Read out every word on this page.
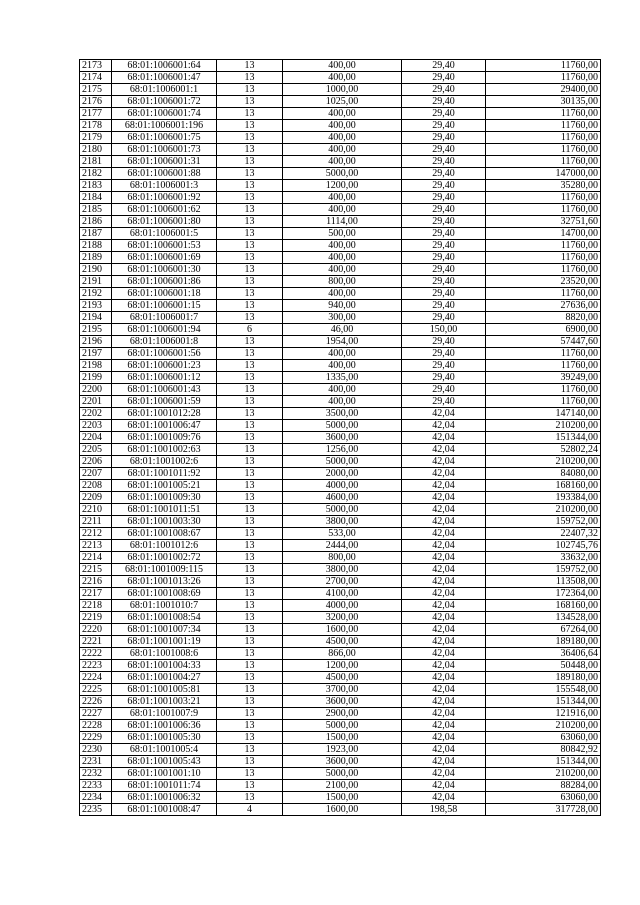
2173	68:01:1006001:64	13	400,00	29,40	11760,00
2174	68:01:1006001:47	13	400,00	29,40	11760,00
2175	68:01:1006001:1	13	1000,00	29,40	29400,00
2176	68:01:1006001:72	13	1025,00	29,40	30135,00
2177	68:01:1006001:74	13	400,00	29,40	11760,00
2178	68:01:1006001:196	13	400,00	29,40	11760,00
2179	68:01:1006001:75	13	400,00	29,40	11760,00
2180	68:01:1006001:73	13	400,00	29,40	11760,00
2181	68:01:1006001:31	13	400,00	29,40	11760,00
2182	68:01:1006001:88	13	5000,00	29,40	147000,00
2183	68:01:1006001:3	13	1200,00	29,40	35280,00
2184	68:01:1006001:92	13	400,00	29,40	11760,00
2185	68:01:1006001:62	13	400,00	29,40	11760,00
2186	68:01:1006001:80	13	1114,00	29,40	32751,60
2187	68:01:1006001:5	13	500,00	29,40	14700,00
2188	68:01:1006001:53	13	400,00	29,40	11760,00
2189	68:01:1006001:69	13	400,00	29,40	11760,00
2190	68:01:1006001:30	13	400,00	29,40	11760,00
2191	68:01:1006001:86	13	800,00	29,40	23520,00
2192	68:01:1006001:18	13	400,00	29,40	11760,00
2193	68:01:1006001:15	13	940,00	29,40	27636,00
2194	68:01:1006001:7	13	300,00	29,40	8820,00
2195	68:01:1006001:94	6	46,00	150,00	6900,00
2196	68:01:1006001:8	13	1954,00	29,40	57447,60
2197	68:01:1006001:56	13	400,00	29,40	11760,00
2198	68:01:1006001:23	13	400,00	29,40	11760,00
2199	68:01:1006001:12	13	1335,00	29,40	39249,00
2200	68:01:1006001:43	13	400,00	29,40	11760,00
2201	68:01:1006001:59	13	400,00	29,40	11760,00
2202	68:01:1001012:28	13	3500,00	42,04	147140,00
2203	68:01:1001006:47	13	5000,00	42,04	210200,00
2204	68:01:1001009:76	13	3600,00	42,04	151344,00
2205	68:01:1001002:63	13	1256,00	42,04	52802,24
2206	68:01:1001002:6	13	5000,00	42,04	210200,00
2207	68:01:1001011:92	13	2000,00	42,04	84080,00
2208	68:01:1001005:21	13	4000,00	42,04	168160,00
2209	68:01:1001009:30	13	4600,00	42,04	193384,00
2210	68:01:1001011:51	13	5000,00	42,04	210200,00
2211	68:01:1001003:30	13	3800,00	42,04	159752,00
2212	68:01:1001008:67	13	533,00	42,04	22407,32
2213	68:01:1001012:6	13	2444,00	42,04	102745,76
2214	68:01:1001002:72	13	800,00	42,04	33632,00
2215	68:01:1001009:115	13	3800,00	42,04	159752,00
2216	68:01:1001013:26	13	2700,00	42,04	113508,00
2217	68:01:1001008:69	13	4100,00	42,04	172364,00
2218	68:01:1001010:7	13	4000,00	42,04	168160,00
2219	68:01:1001008:54	13	3200,00	42,04	134528,00
2220	68:01:1001007:34	13	1600,00	42,04	67264,00
2221	68:01:1001001:19	13	4500,00	42,04	189180,00
2222	68:01:1001008:6	13	866,00	42,04	36406,64
2223	68:01:1001004:33	13	1200,00	42,04	50448,00
2224	68:01:1001004:27	13	4500,00	42,04	189180,00
2225	68:01:1001005:81	13	3700,00	42,04	155548,00
2226	68:01:1001003:21	13	3600,00	42,04	151344,00
2227	68:01:1001007:9	13	2900,00	42,04	121916,00
2228	68:01:1001006:36	13	5000,00	42,04	210200,00
2229	68:01:1001005:30	13	1500,00	42,04	63060,00
2230	68:01:1001005:4	13	1923,00	42,04	80842,92
2231	68:01:1001005:43	13	3600,00	42,04	151344,00
2232	68:01:1001001:10	13	5000,00	42,04	210200,00
2233	68:01:1001011:74	13	2100,00	42,04	88284,00
2234	68:01:1001006:32	13	1500,00	42,04	63060,00
2235	68:01:1001008:47	4	1600,00	198,58	317728,00
